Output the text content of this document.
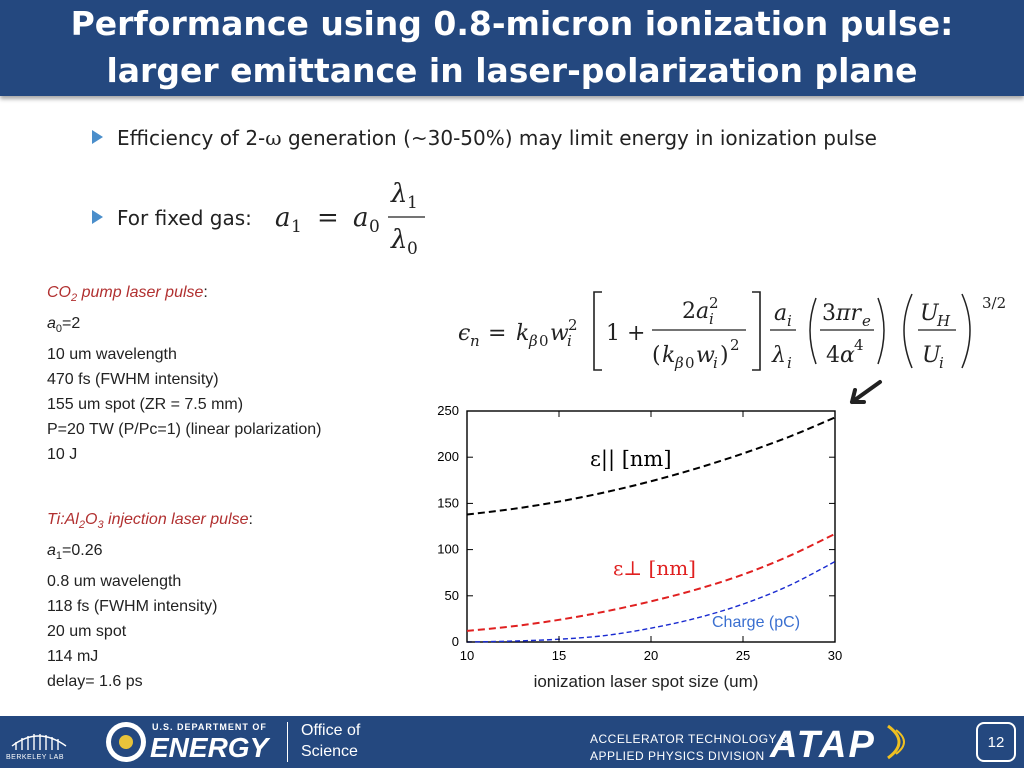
Performance using 0.8-micron ionization pulse:
larger emittance in laser-polarization plane
Efficiency of 2-ω generation (~30-50%) may limit energy in ionization pulse
For fixed gas: a 1 = a 0
λ 1
λ 0
$CO_2$ pump laser pulse:
$a_0=2$
10 um wavelength
470 fs (FWHM intensity)
155 um spot (ZR = 7.5 mm)
P=20 TW (P/Pc=1) (linear polarization)
10 J
$Ti:Al_2O_3$ injection laser pulse:
$a_1=0.26$
0.8 um wavelength
118 fs (FWHM intensity)
20 um spot
114 mJ
delay= 1.6 ps
ϵ n = k β 0 w
i
2 1 +
2 a i
2
( k β 0 w
i ) 2
a i
λ i
3 πr e
4 α 4
U
H
U
i
3/2
10	15	20	25	30
0
50
100
150
200
250
ε|| [nm]
ε⊥ [nm]
Charge (pC)
ionization laser spot size (um)
BERKELEY LAB
U.S. DEPARTMENT OF
ENERGY
Office of
Science
ACCELERATOR TECHNOLOGY &
APPLIED PHYSICS DIVISION ATAP	12
